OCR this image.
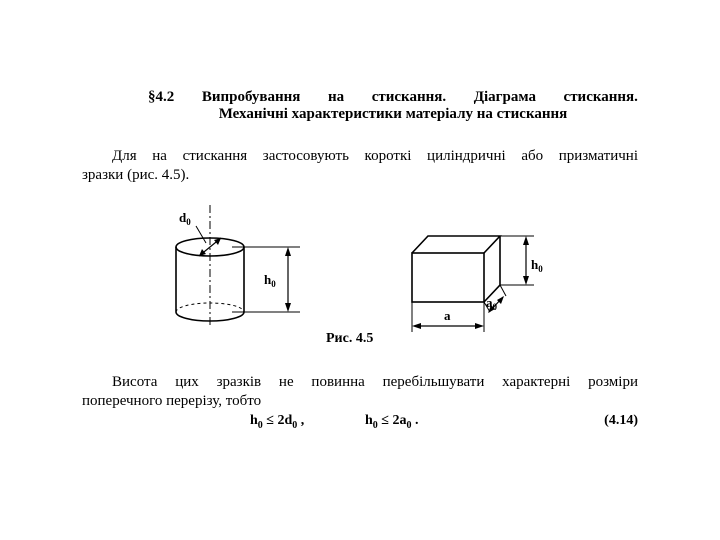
§4.2 Випробування на стискання. Діаграма стискання.
Механічні характеристики матеріалу на стискання
Для на стискання застосовують короткі циліндричні або призматичні
зразки (рис. 4.5).
$d_0$
$h_0$
$h_0$
a
$a_0$
Рис. 4.5
Висота цих зразків не повинна перебільшувати характерні розміри
поперечного перерізу, тобто
$h_0 \le 2d_0$ ,	$h_0 \le 2a_0$ .	(4.14)
